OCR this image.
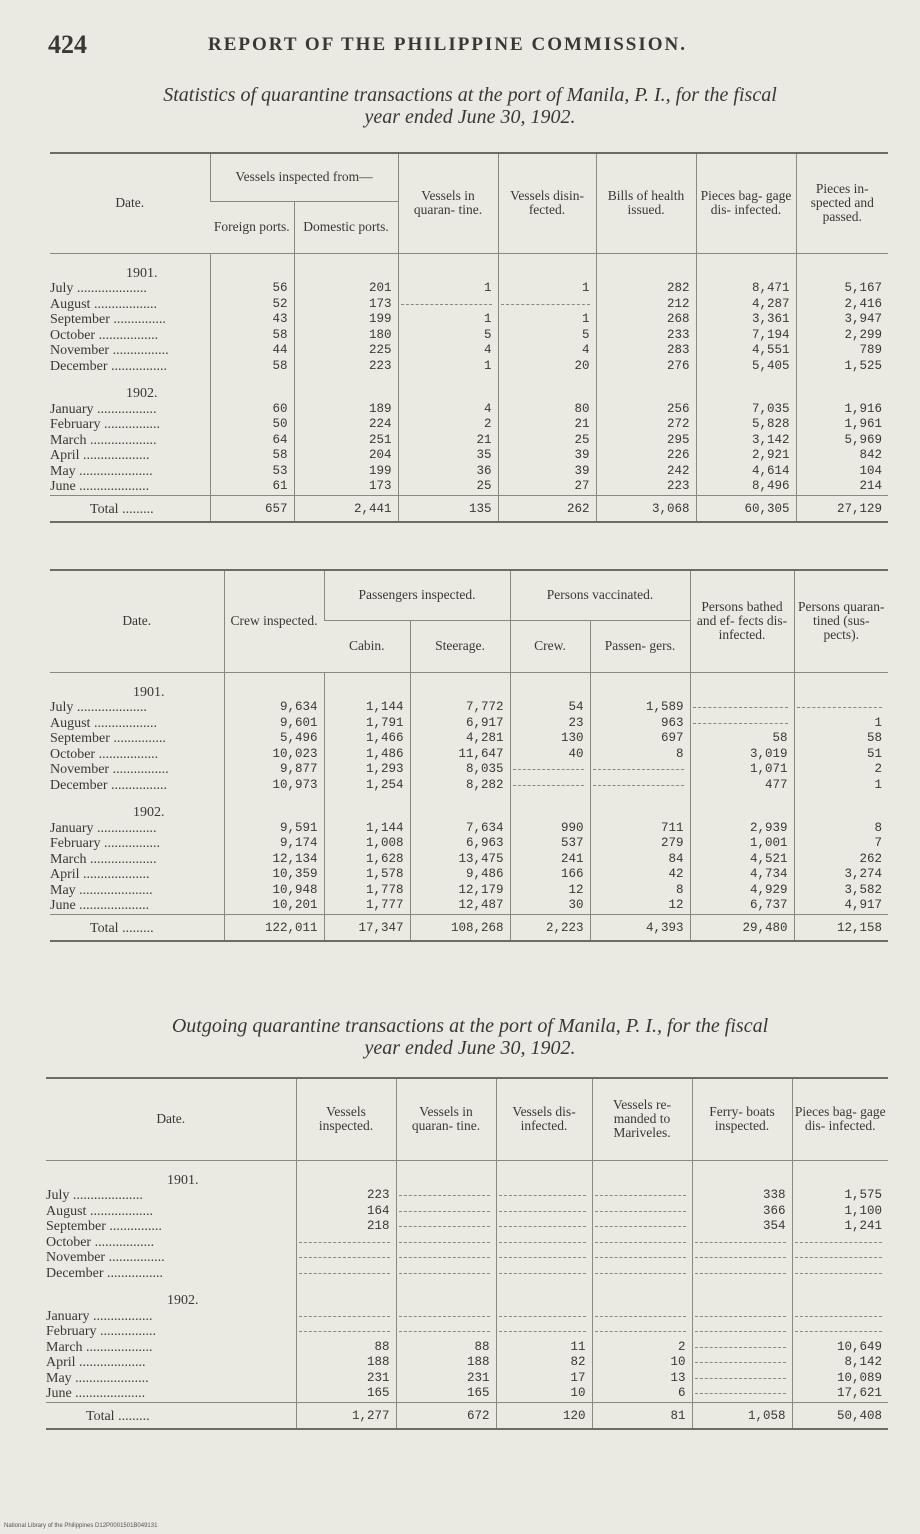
424	REPORT OF THE PHILIPPINE COMMISSION.
Statistics of quarantine transactions at the port of Manila, P. I., for the fiscal
year ended June 30, 1902.
Date.	Vessels inspected from—		Vessels in quaran- tine.	Vessels disin- fected.	Bills of health issued.	Pieces bag- gage dis- infected.	Pieces in- spected and passed.
	Foreign ports.	Domestic ports.					

1901.							

July ....................	56	201	1	1	282	8,471	5,167
August ..................	52	173			212	4,287	2,416
September ...............	43	199	1	1	268	3,361	3,947
October .................	58	180	5	5	233	7,194	2,299
November ................	44	225	4	4	283	4,551	789
December ................	58	223	1	20	276	5,405	1,525

1902.							

January .................	60	189	4	80	256	7,035	1,916
February ................	50	224	2	21	272	5,828	1,961
March ...................	64	251	21	25	295	3,142	5,969
April ...................	58	204	35	39	226	2,921	842
May .....................	53	199	36	39	242	4,614	104
June ....................	61	173	25	27	223	8,496	214
Total .........	657	2,441	135	262	3,068	60,305	27,129
Date.	Crew inspected.	Passengers inspected.		Persons vaccinated.		Persons bathed and ef- fects dis- infected.	Persons quaran- tined (sus- pects).
		Cabin.	Steerage.	Crew.	Passen- gers.		

1901.							

July ....................	9,634	1,144	7,772	54	1,589	

August ..................	9,601	1,791	6,917	23	963		1
September ...............	5,496	1,466	4,281	130	697	58	58
October .................	10,023	1,486	11,647	40	8	3,019	51
November ................	9,877	1,293	8,035			1,071	2
December ................	10,973	1,254	8,282			477	1

1902.							

January .................	9,591	1,144	7,634	990	711	2,939	8
February ................	9,174	1,008	6,963	537	279	1,001	7
March ...................	12,134	1,628	13,475	241	84	4,521	262
April ...................	10,359	1,578	9,486	166	42	4,734	3,274
May .....................	10,948	1,778	12,179	12	8	4,929	3,582
June ....................	10,201	1,777	12,487	30	12	6,737	4,917
Total .........	122,011	17,347	108,268	2,223	4,393	29,480	12,158
Outgoing quarantine transactions at the port of Manila, P. I., for the fiscal
year ended June 30, 1902.
Date.	Vessels inspected.	Vessels in quaran- tine.	Vessels dis- infected.	Vessels re- manded to Mariveles.	Ferry- boats inspected.	Pieces bag- gage dis- infected.

1901.						

July ....................	223				338	1,575
August ..................	164				366	1,100
September ...............	218				354	1,241
October .................	

November ................	

December ................	

1902.						

January .................	

February ................	

March ...................	88	88	11	2		10,649
April ...................	188	188	82	10		8,142
May .....................	231	231	17	13		10,089
June ....................	165	165	10	6		17,621
Total .........	1,277	672	120	81	1,058	50,408
National Library of the Philippines D12P0001501B049131
